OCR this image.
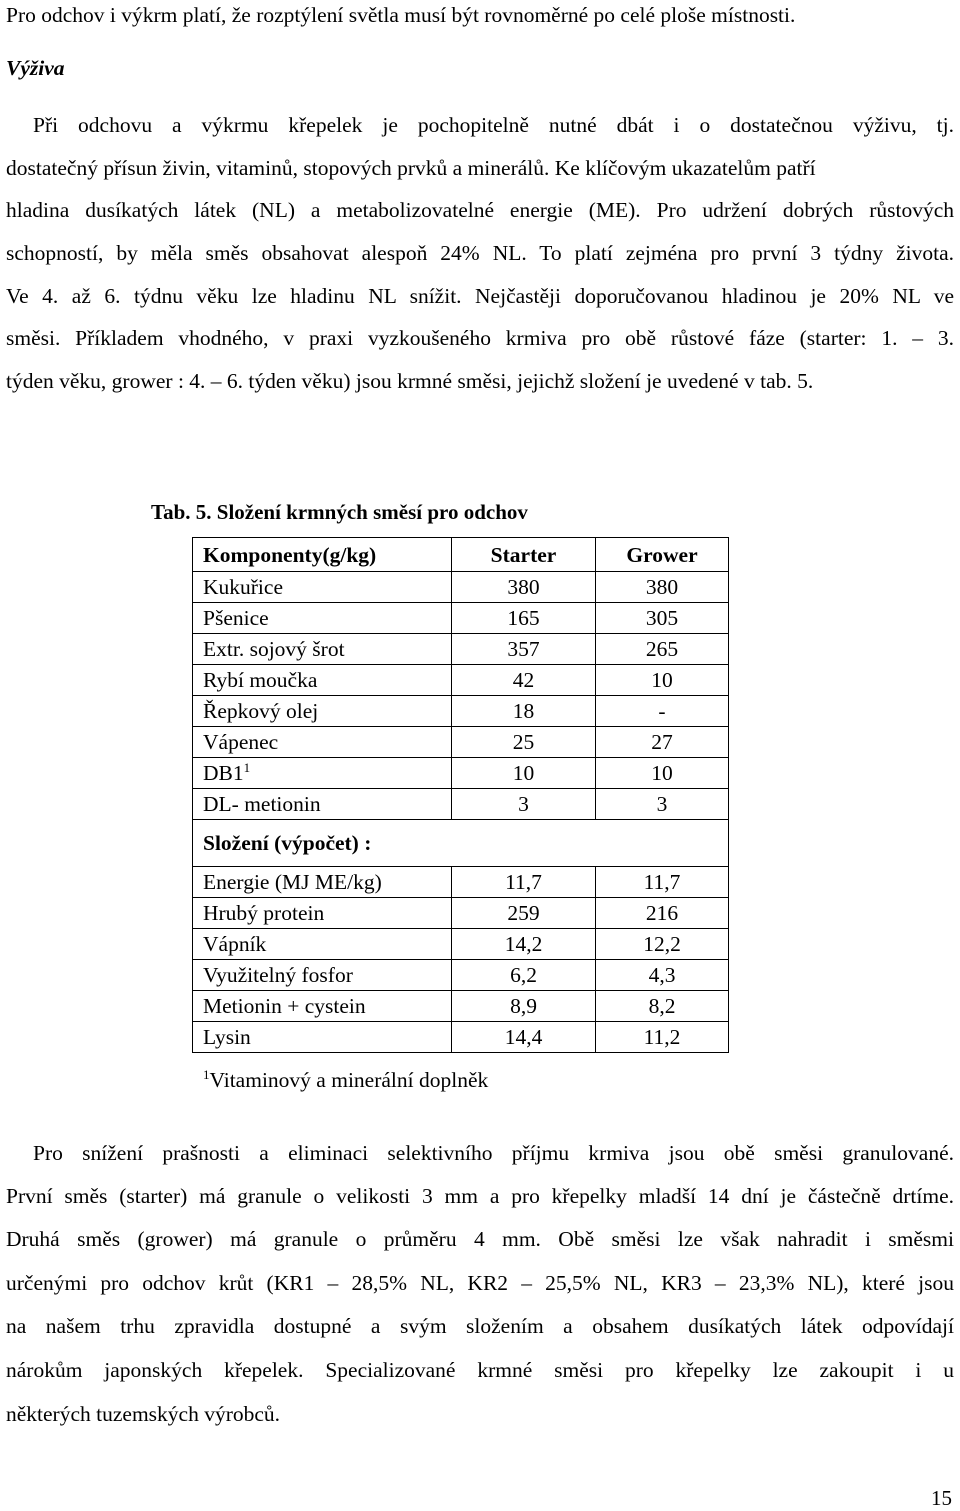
Pro odchov i výkrm platí, že rozptýlení světla musí být rovnoměrné po celé ploše místnosti.
Výživa
Při odchovu a výkrmu křepelek je pochopitelně nutné dbát i o dostatečnou výživu, tj.
dostatečný přísun živin, vitaminů, stopových prvků a minerálů. Ke klíčovým ukazatelům patří
hladina dusíkatých látek (NL) a metabolizovatelné energie (ME). Pro udržení dobrých růstových
schopností, by měla směs obsahovat alespoň 24% NL. To platí zejména pro první 3 týdny života.
Ve 4. až 6. týdnu věku lze hladinu NL snížit. Nejčastěji doporučovanou hladinou je 20% NL ve
směsi. Příkladem vhodného, v praxi vyzkoušeného krmiva pro obě růstové fáze (starter: 1. – 3.
týden věku, grower : 4. – 6. týden věku) jsou krmné směsi, jejichž složení je uvedené v tab. 5.
Tab. 5. Složení krmných směsí pro odchov
Komponenty(g/kg)	Starter	Grower
Kukuřice	380	380
Pšenice	165	305
Extr. sojový šrot	357	265
Rybí moučka	42	10
Řepkový olej	18	-
Vápenec	25	27
$DB1^1$	10	10
DL- metionin	3	3
Složení (výpočet) :		
Energie (MJ ME/kg)	11,7	11,7
Hrubý protein	259	216
Vápník	14,2	12,2
Využitelný fosfor	6,2	4,3
Metionin + cystein	8,9	8,2
Lysin	14,4	11,2
$^1$Vitaminový a minerální doplněk
Pro snížení prašnosti a eliminaci selektivního příjmu krmiva jsou obě směsi granulované.
První směs (starter) má granule o velikosti 3 mm a pro křepelky mladší 14 dní je částečně drtíme.
Druhá směs (grower) má granule o průměru 4 mm. Obě směsi lze však nahradit i směsmi
určenými pro odchov krůt (KR1 – 28,5% NL, KR2 – 25,5% NL, KR3 – 23,3% NL), které jsou
na našem trhu zpravidla dostupné a svým složením a obsahem dusíkatých látek odpovídají
nárokům japonských křepelek. Specializované krmné směsi pro křepelky lze zakoupit i u
některých tuzemských výrobců.
15
